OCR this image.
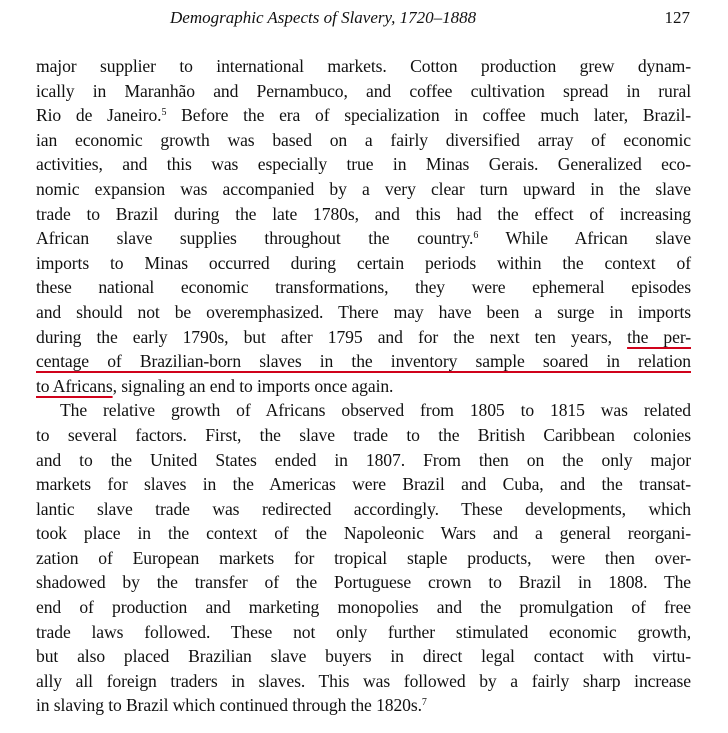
Demographic Aspects of Slavery, 1720–1888	127
major supplier to international markets. Cotton production grew dynam-
ically in Maranhão and Pernambuco, and coffee cultivation spread in rural
Rio de Janeiro.$^5$ Before the era of specialization in coffee much later, Brazil-
ian economic growth was based on a fairly diversified array of economic
activities, and this was especially true in Minas Gerais. Generalized eco-
nomic expansion was accompanied by a very clear turn upward in the slave
trade to Brazil during the late 1780s, and this had the effect of increasing
African slave supplies throughout the country.$^6$ While African slave
imports to Minas occurred during certain periods within the context of
these national economic transformations, they were ephemeral episodes
and should not be overemphasized. There may have been a surge in imports
during the early 1790s, but after 1795 and for the next ten years, the per-
centage of Brazilian-born slaves in the inventory sample soared in relation
to Africans, signaling an end to imports once again.
The relative growth of Africans observed from 1805 to 1815 was related
to several factors. First, the slave trade to the British Caribbean colonies
and to the United States ended in 1807. From then on the only major
markets for slaves in the Americas were Brazil and Cuba, and the transat-
lantic slave trade was redirected accordingly. These developments, which
took place in the context of the Napoleonic Wars and a general reorgani-
zation of European markets for tropical staple products, were then over-
shadowed by the transfer of the Portuguese crown to Brazil in 1808. The
end of production and marketing monopolies and the promulgation of free
trade laws followed. These not only further stimulated economic growth,
but also placed Brazilian slave buyers in direct legal contact with virtu-
ally all foreign traders in slaves. This was followed by a fairly sharp increase
in slaving to Brazil which continued through the 1820s.$^7$
